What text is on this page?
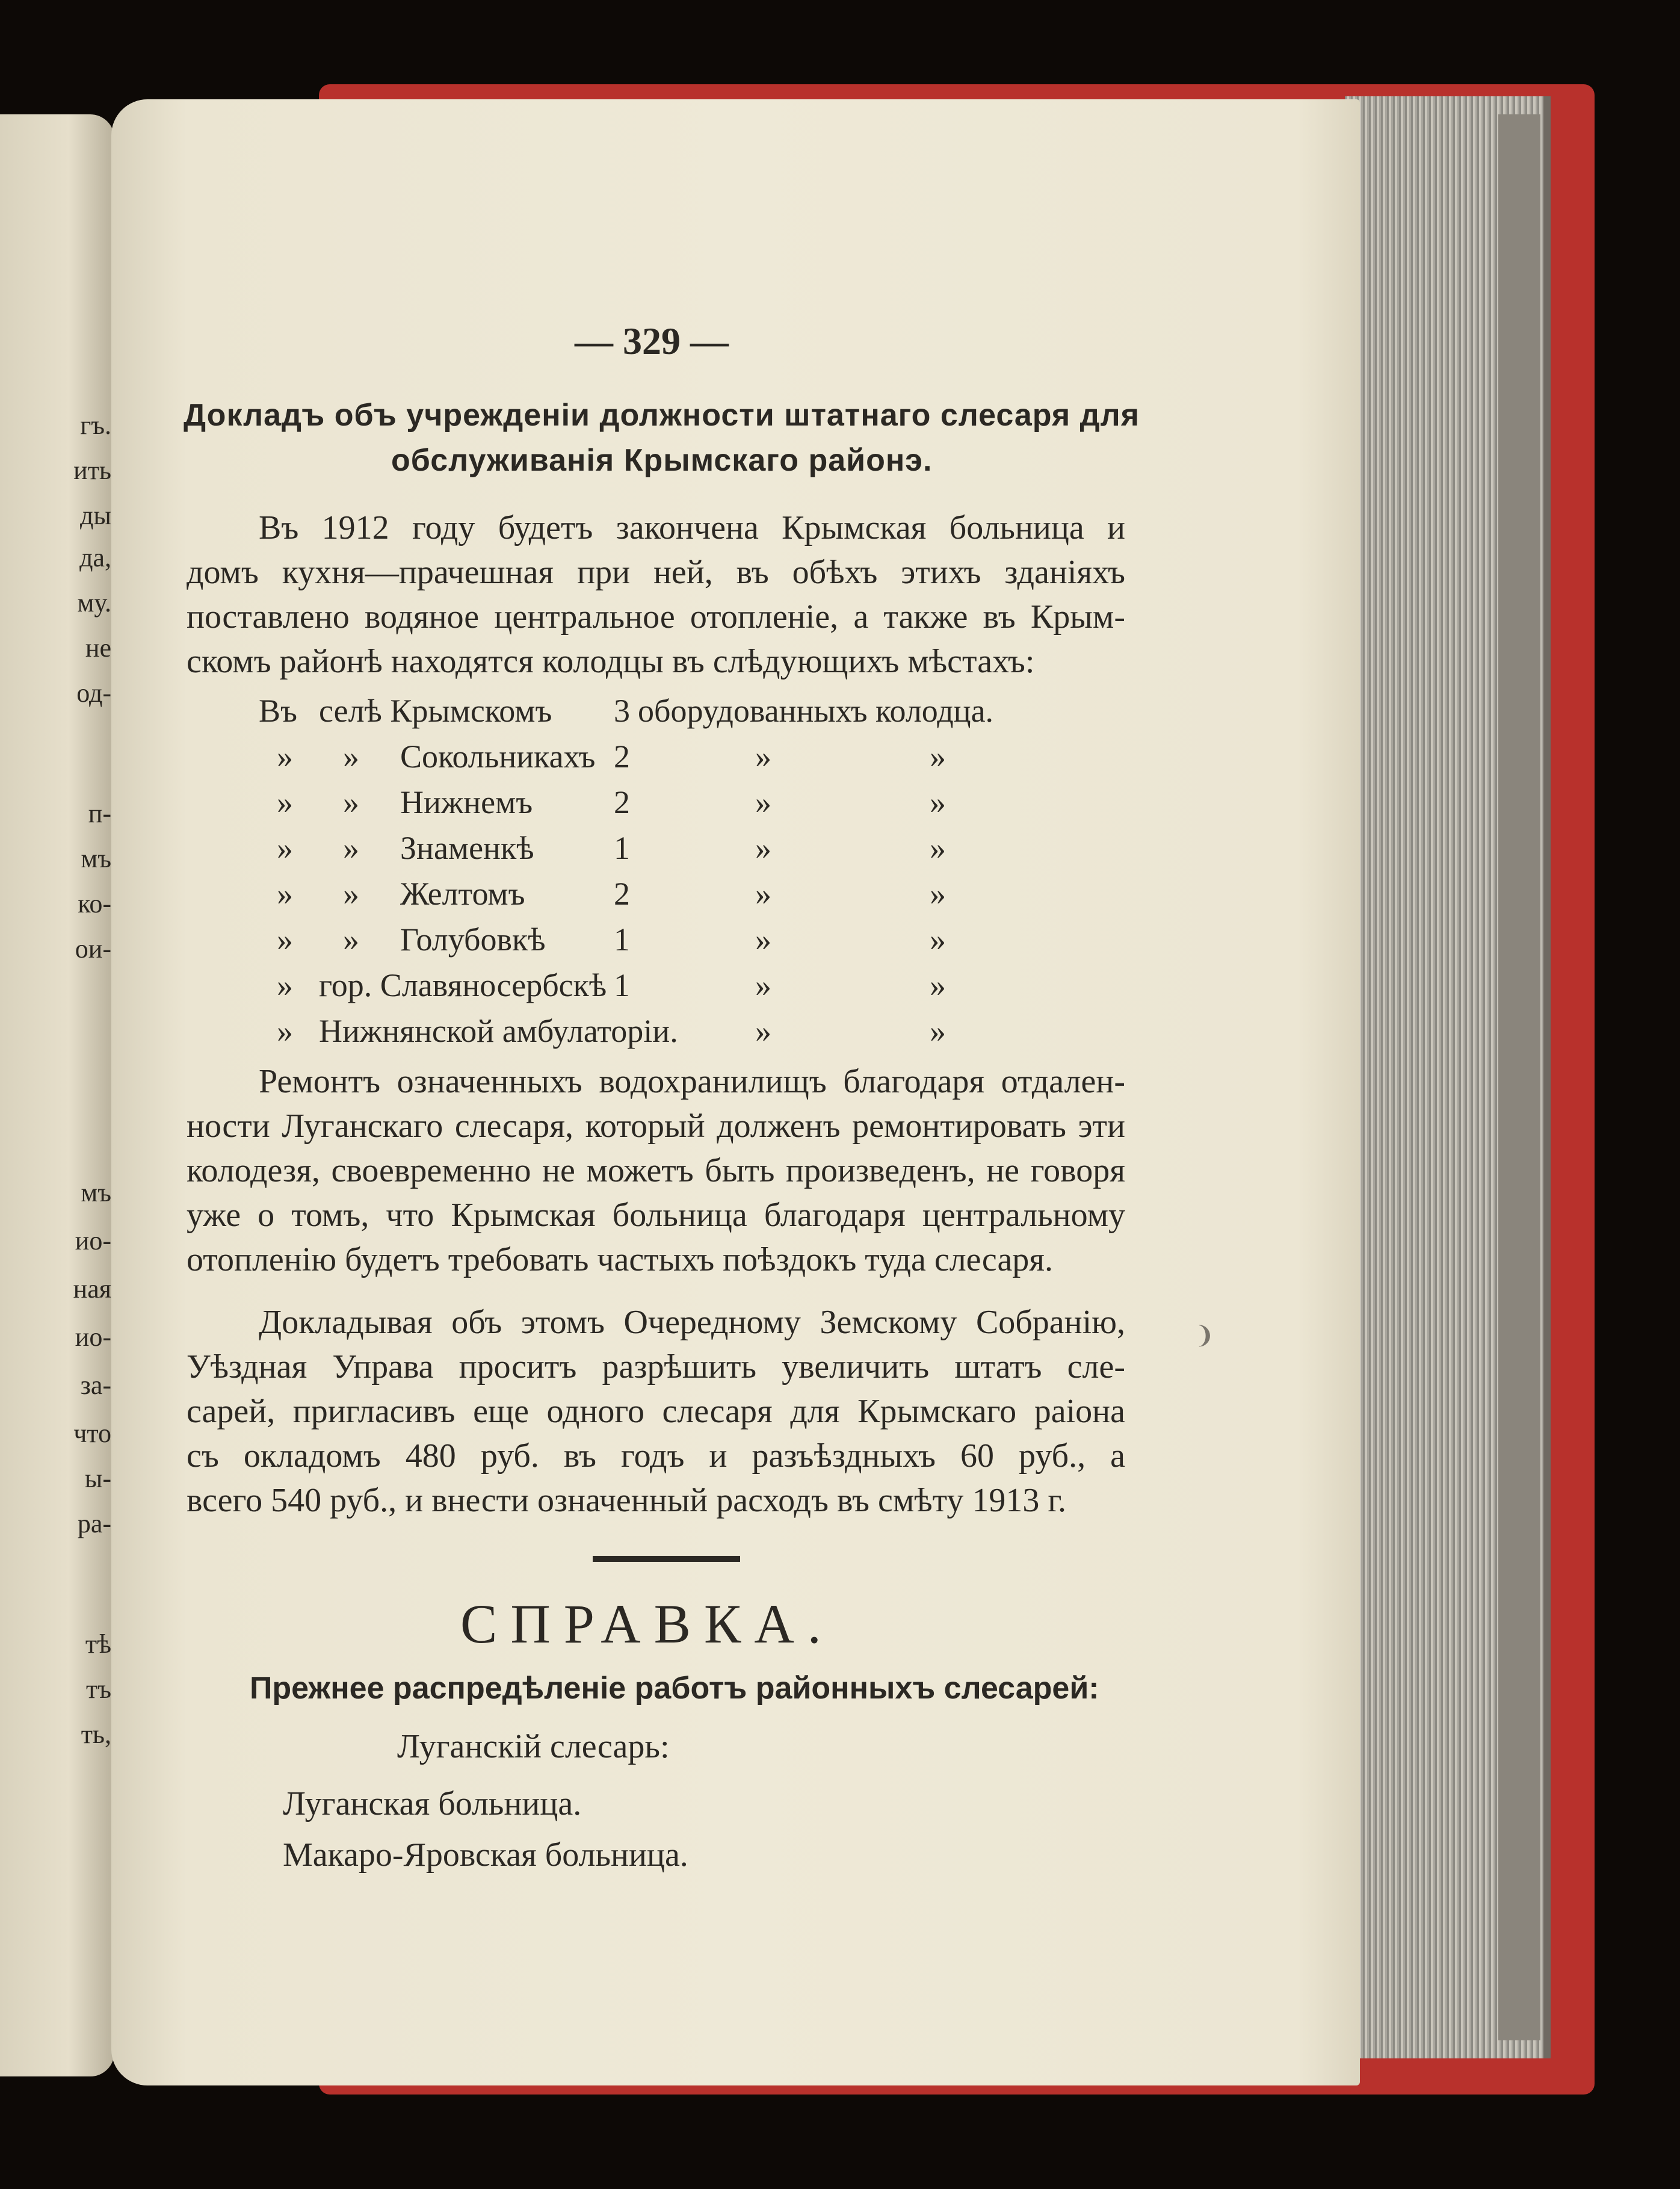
гъ.
ить
ды
да,
му.
не
од-
п-
мъ
ко-
ои-
мъ
ио-
ная
ио-
за-
что
ы-
ра-
тѣ
тъ
ть,
— 329 —
Докладъ объ учрежденiи должности штатнаго слесаря для
обслуживанiя Крымскаго районэ.
Въ 1912 году будетъ закончена Крымская больница и
домъ кухня—прачешная при ней, въ обѣхъ этихъ зданiяхъ
поставлено водяное центральное отопленiе, а также въ Крым-
скомъ районѣ находятся колодцы въ слѣдующихъ мѣстахъ:
Въ селѣ Крымскомъ 3 оборудованныхъ колодца.
» » Сокольникахъ 2	»	»
» » Нижнемъ 2	»	»
» » Знаменкѣ 1	»	»
» » Желтомъ	2	»	»
» » Голубовкѣ 1	»	»
» гор. Славяносербскѣ 1	»	»
» Нижнянской амбулаторiи. »	»
Ремонтъ означенныхъ водохранилищъ благодаря отдален-
ности Луганскаго слесаря, который долженъ ремонтировать эти
колодезя, своевременно не можетъ быть произведенъ, не говоря
уже о томъ, что Крымская больница благодаря центральному
отопленiю будетъ требовать частыхъ поѣздокъ туда слесаря.
Докладывая объ этомъ Очередному Земскому Собранiю,
Уѣздная Управа проситъ разрѣшить увеличить штатъ сле-
сарей, пригласивъ еще одного слесаря для Крымскаго раiона
съ окладомъ 480 руб. въ годъ и разъѣздныхъ 60 руб., а
всего 540 руб., и внести означенный расходъ въ смѣту 1913 г.
❩
СПРАВКА.
Прежнее распредѣленiе работъ районныхъ слесарей:
Луганскiй слесарь:
Луганская больница.
Макаро-Яровская больница.
